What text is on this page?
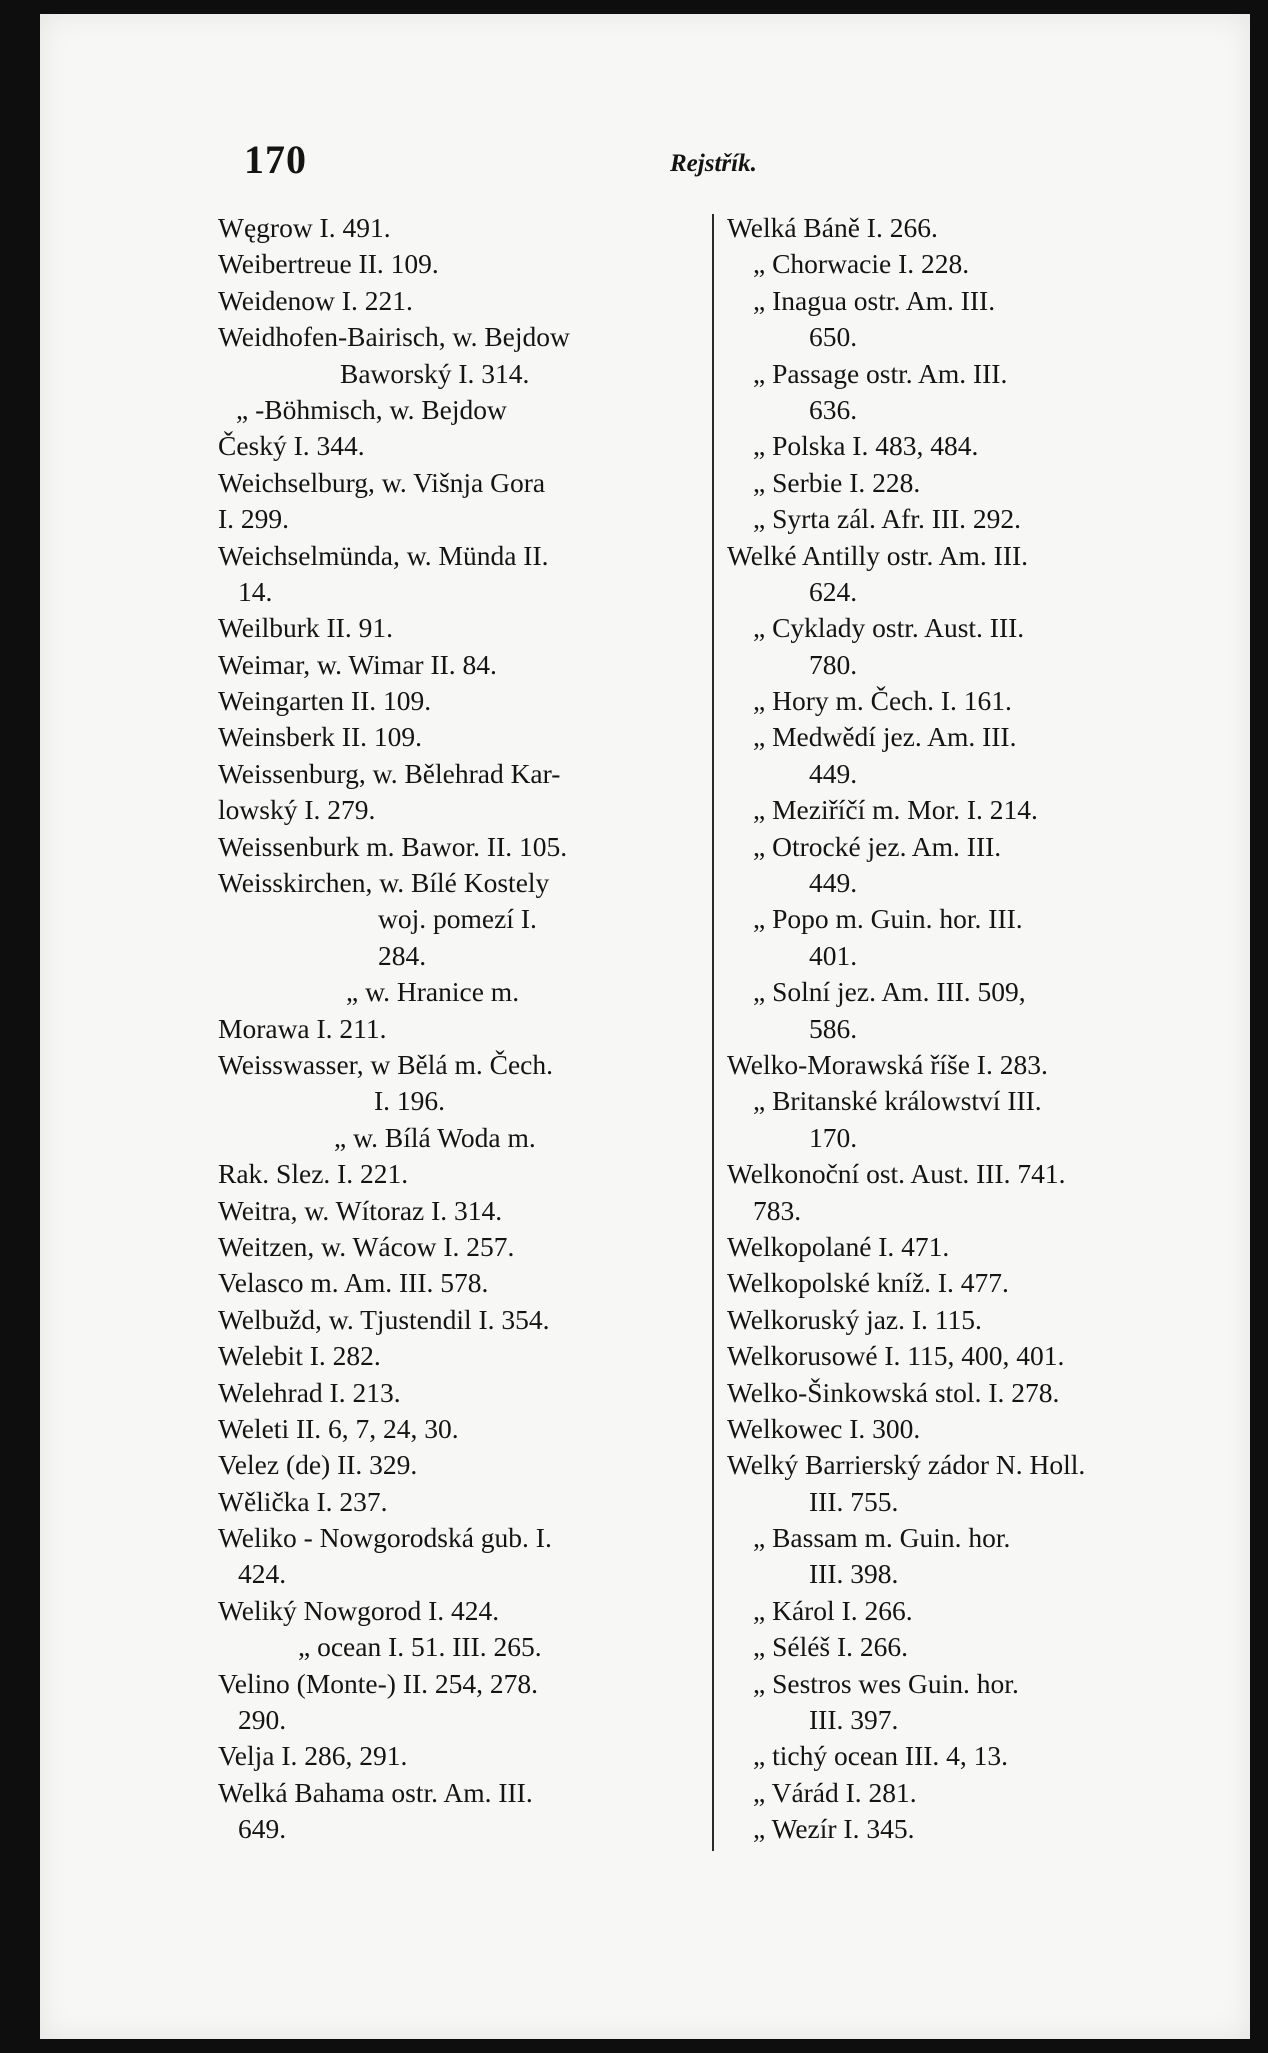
170	Rejstřík.
Węgrow I. 491.
Weibertreue II. 109.
Weidenow I. 221.
Weidhofen-Bairisch, w. Bejdow
Baworský I. 314.
„ -Böhmisch, w. Bejdow
Český I. 344.
Weichselburg, w. Višnja Gora
I. 299.
Weichselmünda, w. Münda II.
14.
Weilburk II. 91.
Weimar, w. Wimar II. 84.
Weingarten II. 109.
Weinsberk II. 109.
Weissenburg, w. Bělehrad Kar-
lowský I. 279.
Weissenburk m. Bawor. II. 105.
Weisskirchen, w. Bílé Kostely
woj. pomezí I.
284.
„ w. Hranice m.
Morawa I. 211.
Weisswasser, w Bělá m. Čech.
I. 196.
„ w. Bílá Woda m.
Rak. Slez. I. 221.
Weitra, w. Wítoraz I. 314.
Weitzen, w. Wácow I. 257.
Velasco m. Am. III. 578.
Welbužd, w. Tjustendil I. 354.
Welebit I. 282.
Welehrad I. 213.
Weleti II. 6, 7, 24, 30.
Velez (de) II. 329.
Wělička I. 237.
Weliko - Nowgorodská gub. I.
424.
Weliký Nowgorod I. 424.
„ ocean I. 51. III. 265.
Velino (Monte-) II. 254, 278.
290.
Velja I. 286, 291.
Welká Bahama ostr. Am. III.
649.
Welká Báně I. 266.
„ Chorwacie I. 228.
„ Inagua ostr. Am. III.
650.
„ Passage ostr. Am. III.
636.
„ Polska I. 483, 484.
„ Serbie I. 228.
„ Syrta zál. Afr. III. 292.
Welké Antilly ostr. Am. III.
624.
„ Cyklady ostr. Aust. III.
780.
„ Hory m. Čech. I. 161.
„ Medwědí jez. Am. III.
449.
„ Meziříčí m. Mor. I. 214.
„ Otrocké jez. Am. III.
449.
„ Popo m. Guin. hor. III.
401.
„ Solní jez. Am. III. 509,
586.
Welko-Morawská říše I. 283.
„ Britanské králowství III.
170.
Welkonoční ost. Aust. III. 741.
783.
Welkopolané I. 471.
Welkopolské kníž. I. 477.
Welkoruský jaz. I. 115.
Welkorusowé I. 115, 400, 401.
Welko-Šinkowská stol. I. 278.
Welkowec I. 300.
Welký Barrierský zádor N. Holl.
III. 755.
„ Bassam m. Guin. hor.
III. 398.
„ Károl I. 266.
„ Séléš I. 266.
„ Sestros wes Guin. hor.
III. 397.
„ tichý ocean III. 4, 13.
„ Várád I. 281.
„ Wezír I. 345.
